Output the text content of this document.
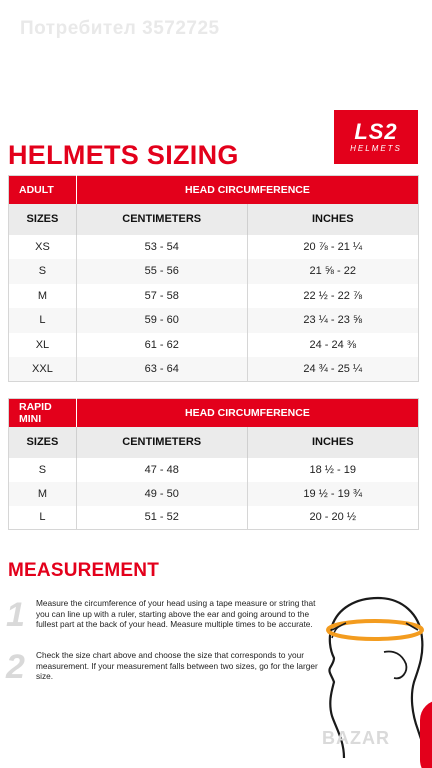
Потребител 3572725
LS2
HELMETS
HELMETS SIZING
ADULT	HEAD CIRCUMFERENCE	
SIZES	CENTIMETERS	INCHES
XS	53 - 54	20 ⅞ - 21 ¼
S	55 - 56	21 ⅝ - 22
M	57 - 58	22 ½ - 22 ⅞
L	59 - 60	23 ¼ - 23 ⅝
XL	61 - 62	24 - 24 ⅜
XXL	63 - 64	24 ¾ - 25 ¼
RAPID MINI	HEAD CIRCUMFERENCE	
SIZES	CENTIMETERS	INCHES
S	47 - 48	18 ½ - 19
M	49 - 50	19 ½ - 19 ¾
L	51 - 52	20 - 20 ½
MEASUREMENT
1 Measure the circumference of your head using a tape measure or string that you can line up with a ruler, starting above the ear and going around to the fullest part at the back of your head. Measure multiple times to be accurate.

2 Check the size chart above and choose the size that corresponds to your measurement. If your measurement falls between two sizes, go for the larger size.

BAZAR
